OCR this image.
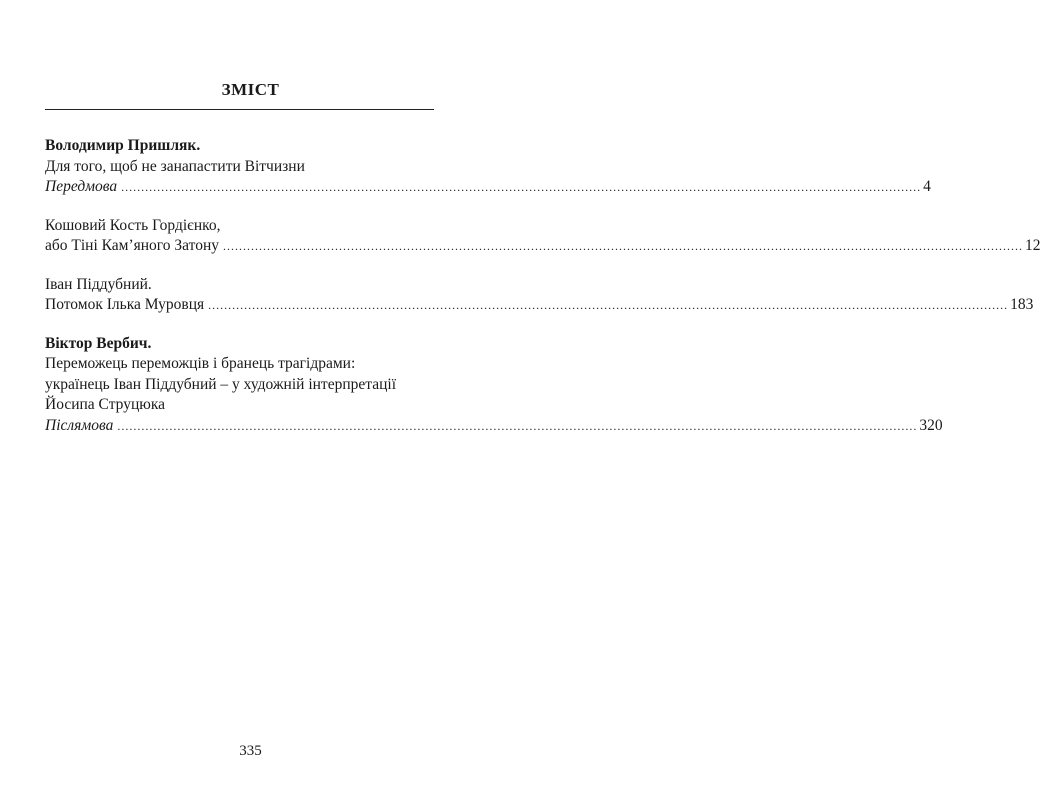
ЗМІСТ
Володимир Пришляк.
Для того, щоб не занапастити Вітчизни
Передмова ........................................................................................................................................................................................................ 4
Кошовий Кость Гордієнко,
або Тіні Кам’яного Затону ........................................................................................................................................................................................................ 12
Іван Піддубний.
Потомок Ілька Муровця ........................................................................................................................................................................................................ 183
Віктор Вербич.
Переможець переможців і бранець трагідрами:
українець Іван Піддубний – у художній інтерпретації
Йосипа Струцюка
Післямова ........................................................................................................................................................................................................ 320
335
